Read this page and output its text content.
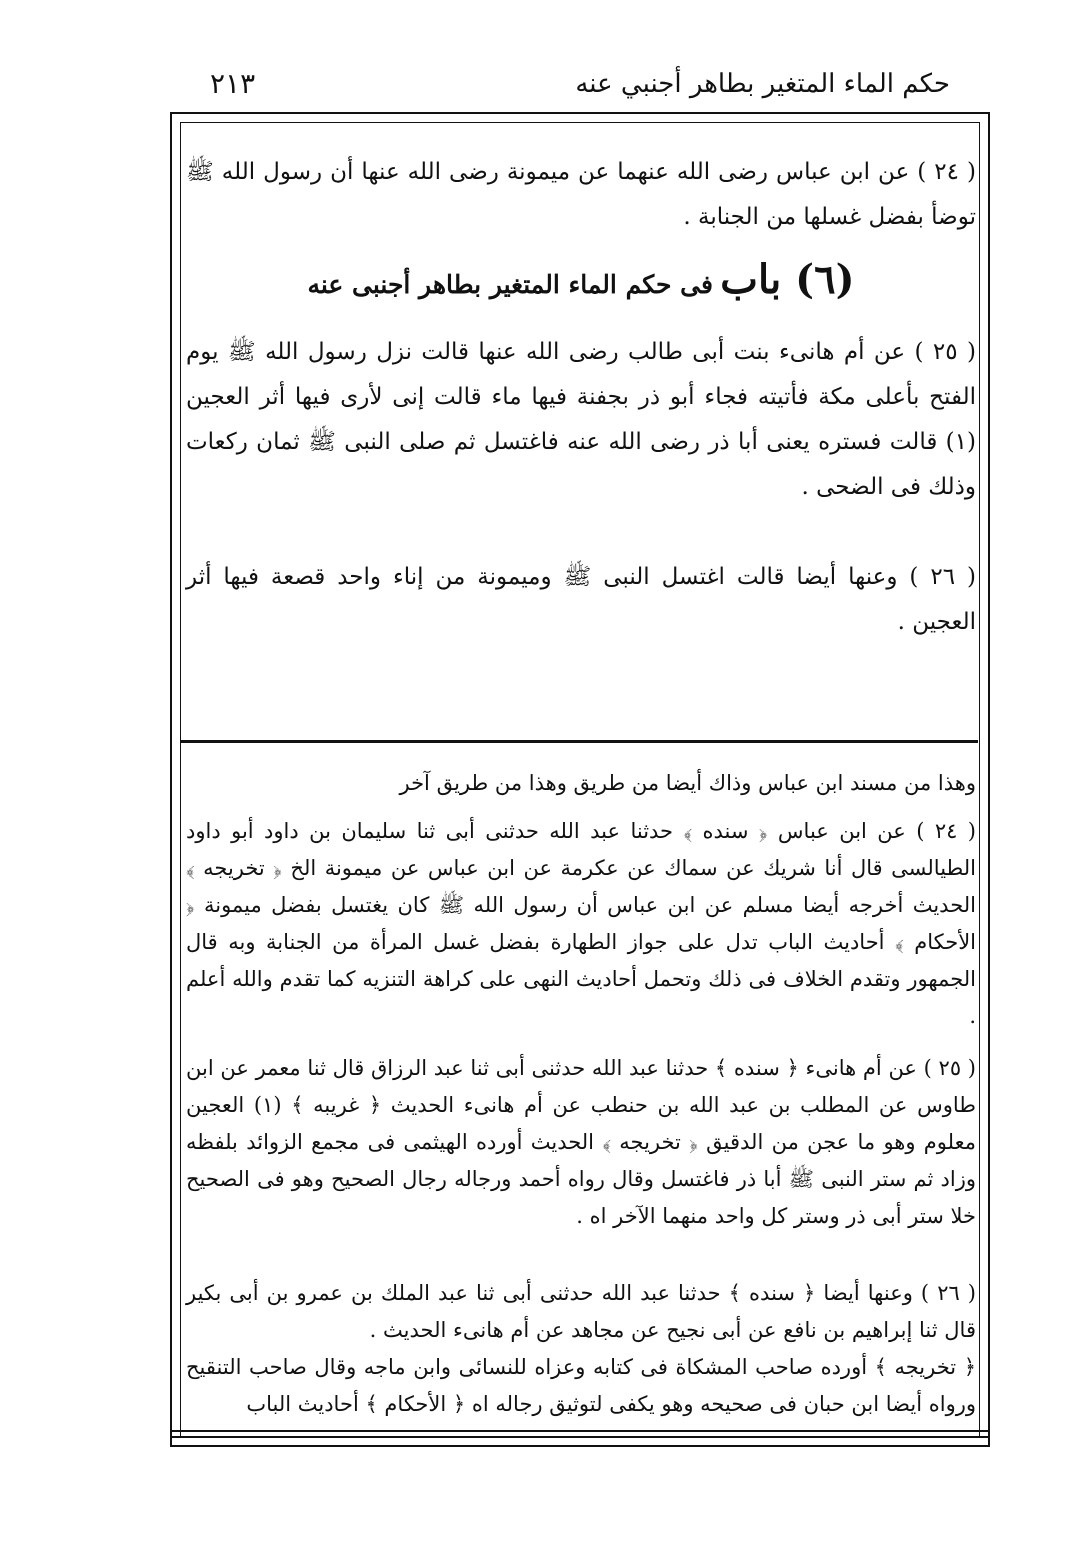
حكم الماء المتغير بطاهر أجنبي عنه
٢١٣

( ٢٤ ) عن ابن عباس رضى الله عنهما عن ميمونة رضى الله عنها أن رسول الله ﷺ توضأ بفضل غسلها من الجنابة .

(٦) باب فى حكم الماء المتغير بطاهر أجنبى عنه

( ٢٥ ) عن أم هانىء بنت أبى طالب رضى الله عنها قالت نزل رسول الله ﷺ يوم الفتح بأعلى مكة فأتيته فجاء أبو ذر بجفنة فيها ماء قالت إنى لأرى فيها أثر العجين (١) قالت فستره يعنى أبا ذر رضى الله عنه فاغتسل ثم صلى النبى ﷺ ثمان ركعات وذلك فى الضحى .

( ٢٦ ) وعنها أيضا قالت اغتسل النبى ﷺ وميمونة من إناء واحد قصعة فيها أثر العجين .

وهذا من مسند ابن عباس وذاك أيضا من طريق وهذا من طريق آخر

( ٢٤ ) عن ابن عباس ﴿ سنده ﴾ حدثنا عبد الله حدثنى أبى ثنا سليمان بن داود أبو داود الطيالسى قال أنا شريك عن سماك عن عكرمة عن ابن عباس عن ميمونة الخ ﴿ تخريجه ﴾ الحديث أخرجه أيضا مسلم عن ابن عباس أن رسول الله ﷺ كان يغتسل بفضل ميمونة ﴿ الأحكام ﴾ أحاديث الباب تدل على جواز الطهارة بفضل غسل المرأة من الجنابة وبه قال الجمهور وتقدم الخلاف فى ذلك وتحمل أحاديث النهى على كراهة التنزيه كما تقدم والله أعلم .

( ٢٥ ) عن أم هانىء ﴿ سنده ﴾ حدثنا عبد الله حدثنى أبى ثنا عبد الرزاق قال ثنا معمر عن ابن طاوس عن المطلب بن عبد الله بن حنطب عن أم هانىء الحديث ﴿ غريبه ﴾ (١) العجين معلوم وهو ما عجن من الدقيق ﴿ تخريجه ﴾ الحديث أورده الهيثمى فى مجمع الزوائد بلفظه وزاد ثم ستر النبى ﷺ أبا ذر فاغتسل وقال رواه أحمد ورجاله رجال الصحيح وهو فى الصحيح خلا ستر أبى ذر وستر كل واحد منهما الآخر اه .

( ٢٦ ) وعنها أيضا ﴿ سنده ﴾ حدثنا عبد الله حدثنى أبى ثنا عبد الملك بن عمرو بن أبى بكير قال ثنا إبراهيم بن نافع عن أبى نجيح عن مجاهد عن أم هانىء الحديث .

﴿ تخريجه ﴾ أورده صاحب المشكاة فى كتابه وعزاه للنسائى وابن ماجه وقال صاحب التنقيح ورواه أيضا ابن حبان فى صحيحه وهو يكفى لتوثيق رجاله اه ﴿ الأحكام ﴾ أحاديث الباب
